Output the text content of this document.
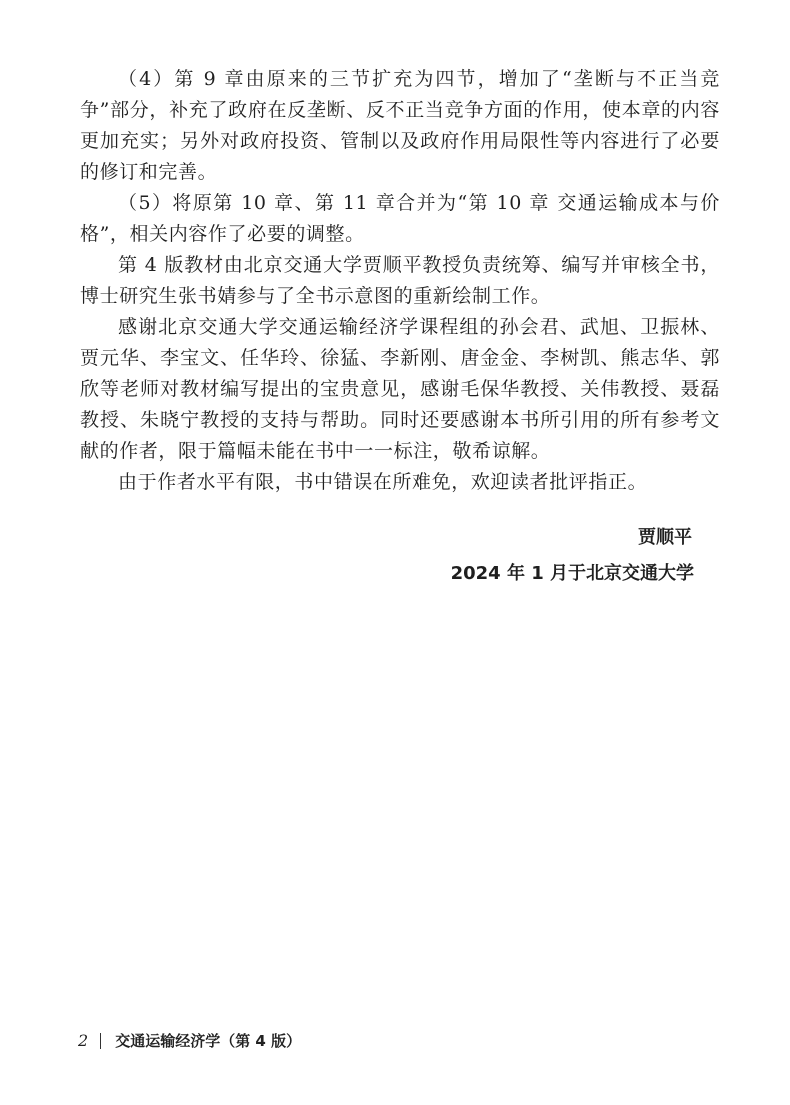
（4）第 9 章由原来的三节扩充为四节，增加了“垄断与不正当竞争”部分，补充了政府在反垄断、反不正当竞争方面的作用，使本章的内容更加充实；另外对政府投资、管制以及政府作用局限性等内容进行了必要的修订和完善。

（5）将原第 10 章、第 11 章合并为“第 10 章 交通运输成本与价格”，相关内容作了必要的调整。

第 4 版教材由北京交通大学贾顺平教授负责统筹、编写并审核全书，博士研究生张书婧参与了全书示意图的重新绘制工作。

感谢北京交通大学交通运输经济学课程组的孙会君、武旭、卫振林、贾元华、李宝文、任华玲、徐猛、李新刚、唐金金、李树凯、熊志华、郭欣等老师对教材编写提出的宝贵意见，感谢毛保华教授、关伟教授、聂磊教授、朱晓宁教授的支持与帮助。同时还要感谢本书所引用的所有参考文献的作者，限于篇幅未能在书中一一标注，敬希谅解。

由于作者水平有限，书中错误在所难免，欢迎读者批评指正。

贾顺平
2024 年 1 月于北京交通大学
2 交通运输经济学（第 4 版）
